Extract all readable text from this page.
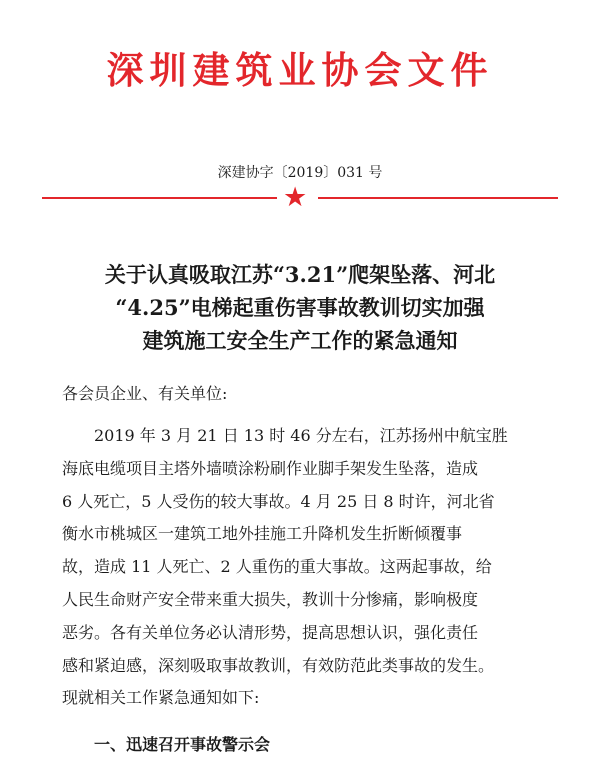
深圳建筑业协会文件
深建协字〔2019〕031 号
★
关于认真吸取江苏“3.21”爬架坠落、河北
“4.25”电梯起重伤害事故教训切实加强
建筑施工安全生产工作的紧急通知
各会员企业、有关单位:
2019 年 3 月 21 日 13 时 46 分左右，江苏扬州中航宝胜
海底电缆项目主塔外墙喷涂粉刷作业脚手架发生坠落，造成
6 人死亡，5 人受伤的较大事故。4 月 25 日 8 时许，河北省
衡水市桃城区一建筑工地外挂施工升降机发生折断倾覆事
故，造成 11 人死亡、2 人重伤的重大事故。这两起事故，给
人民生命财产安全带来重大损失，教训十分惨痛，影响极度
恶劣。各有关单位务必认清形势，提高思想认识，强化责任
感和紧迫感，深刻吸取事故教训，有效防范此类事故的发生。
现就相关工作紧急通知如下:
一、迅速召开事故警示会
